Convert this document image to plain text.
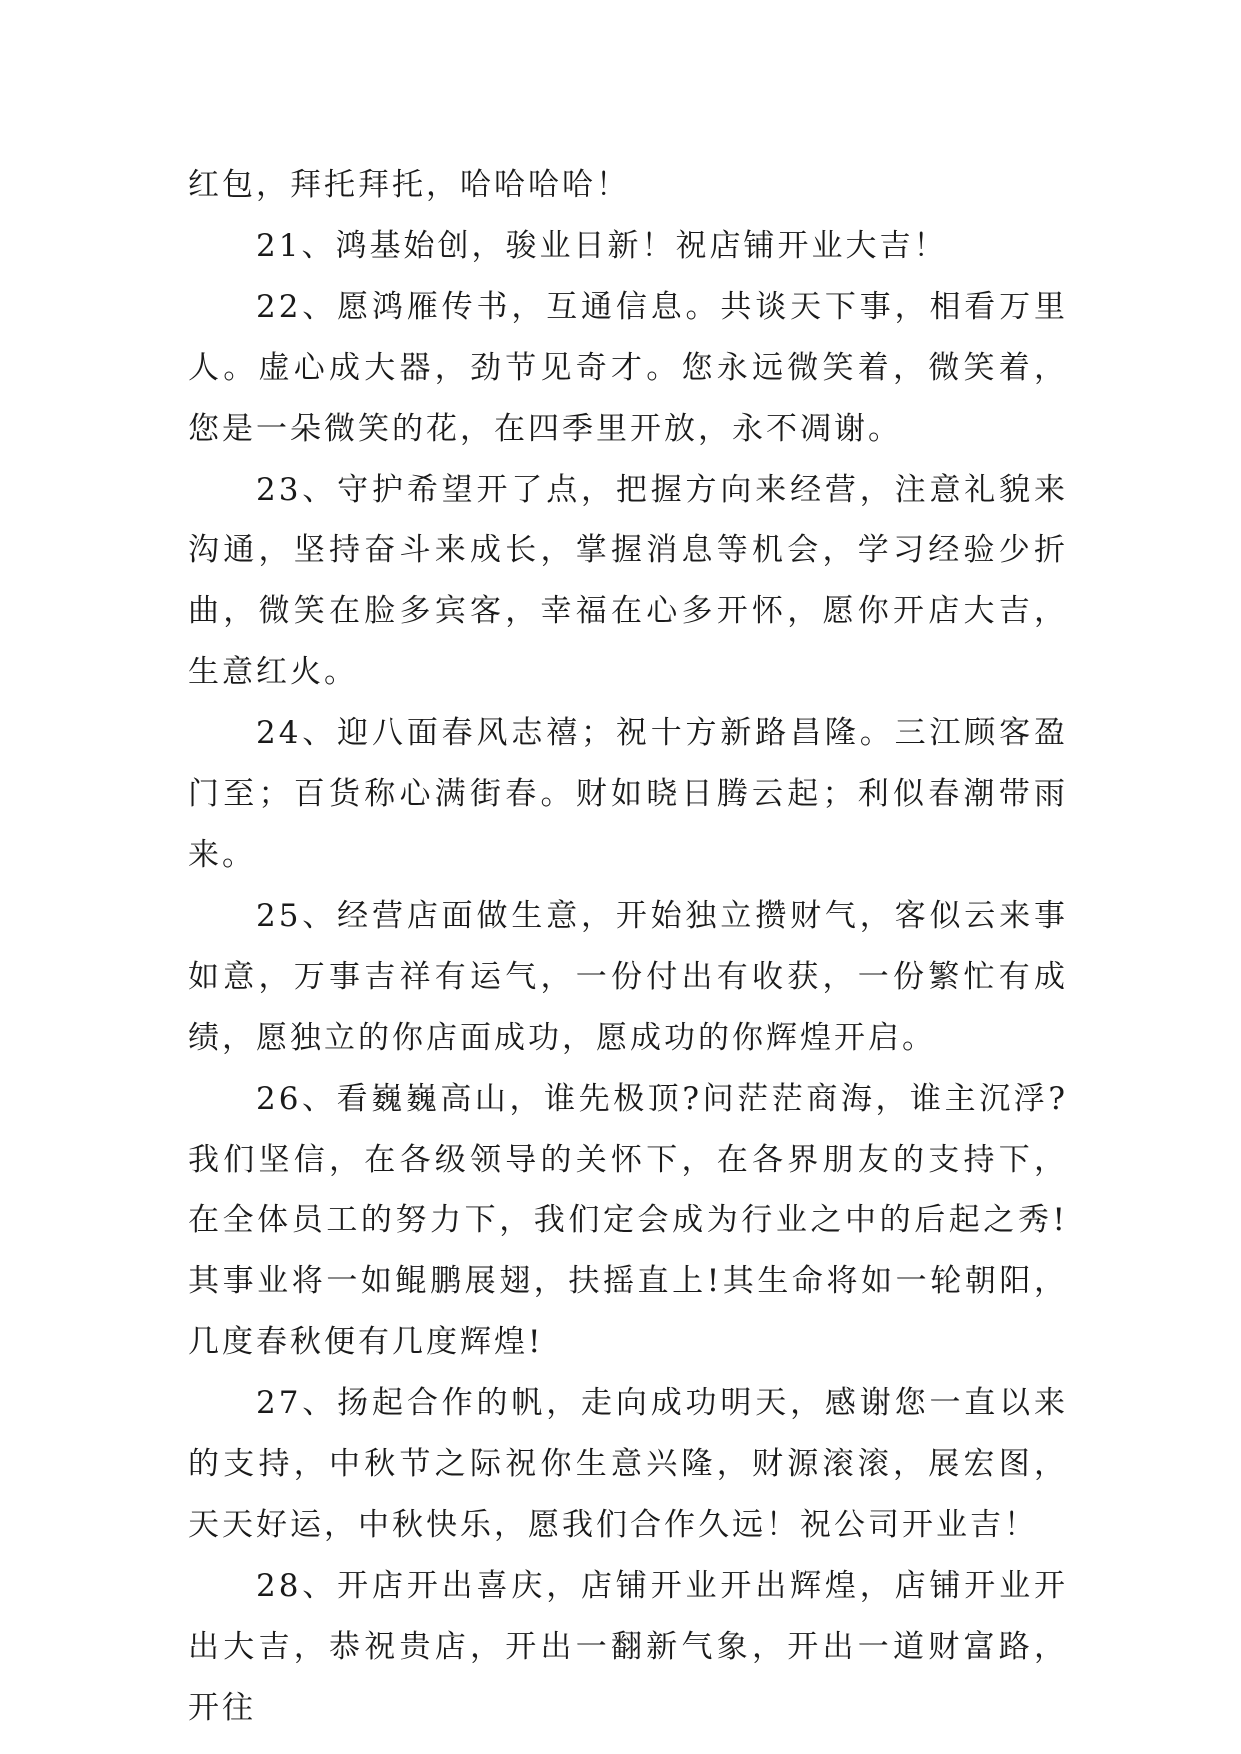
红包，拜托拜托，哈哈哈哈！

21、鸿基始创，骏业日新！祝店铺开业大吉！

22、愿鸿雁传书，互通信息。共谈天下事，相看万里人。虚心成大器，劲节见奇才。您永远微笑着，微笑着，您是一朵微笑的花，在四季里开放，永不凋谢。

23、守护希望开了点，把握方向来经营，注意礼貌来沟通，坚持奋斗来成长，掌握消息等机会，学习经验少折曲，微笑在脸多宾客，幸福在心多开怀，愿你开店大吉，生意红火。

24、迎八面春风志禧；祝十方新路昌隆。三江顾客盈门至；百货称心满街春。财如晓日腾云起；利似春潮带雨来。

25、经营店面做生意，开始独立攒财气，客似云来事如意，万事吉祥有运气，一份付出有收获，一份繁忙有成绩，愿独立的你店面成功，愿成功的你辉煌开启。

26、看巍巍高山，谁先极顶?问茫茫商海，谁主沉浮?我们坚信，在各级领导的关怀下，在各界朋友的支持下，在全体员工的努力下，我们定会成为行业之中的后起之秀!其事业将一如鲲鹏展翅，扶摇直上!其生命将如一轮朝阳，几度春秋便有几度辉煌!

27、扬起合作的帆，走向成功明天，感谢您一直以来的支持，中秋节之际祝你生意兴隆，财源滚滚，展宏图，天天好运，中秋快乐，愿我们合作久远！祝公司开业吉！

28、开店开出喜庆，店铺开业开出辉煌，店铺开业开出大吉，恭祝贵店，开出一翻新气象，开出一道财富路，开往
